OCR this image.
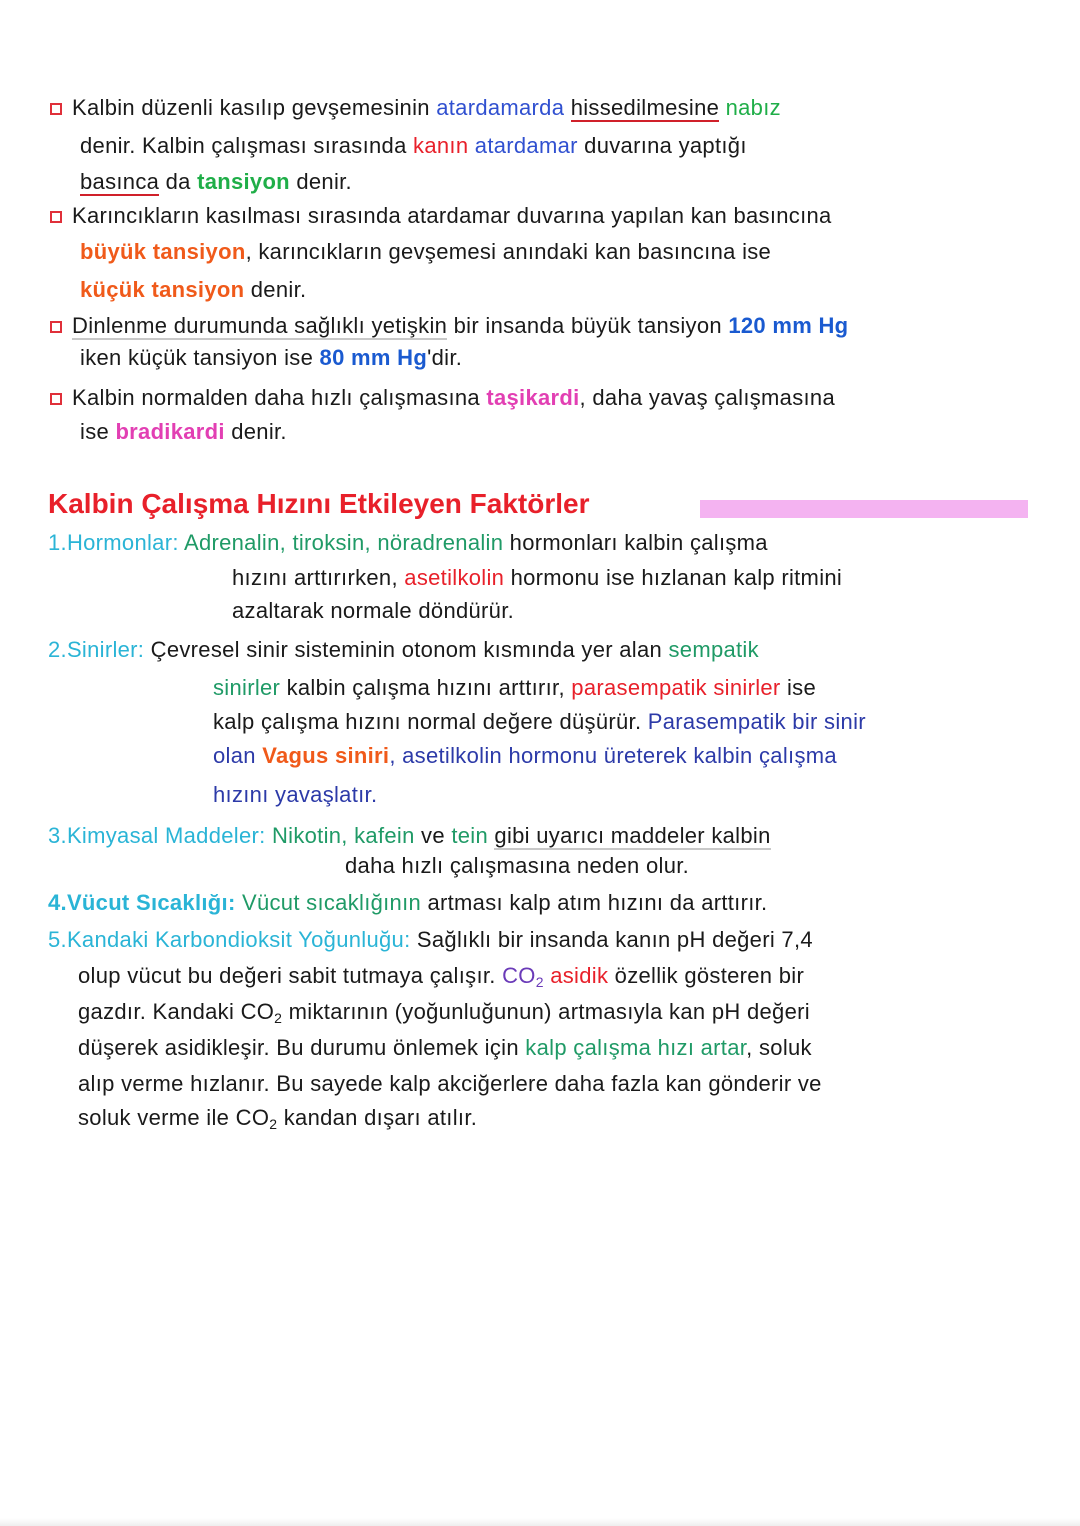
Kalbin düzenli kasılıp gevşemesinin atardamarda hissedilmesine nabız
denir. Kalbin çalışması sırasında kanın atardamar duvarına yaptığı
basınca da tansiyon denir.
Karıncıkların kasılması sırasında atardamar duvarına yapılan kan basıncına
büyük tansiyon, karıncıkların gevşemesi anındaki kan basıncına ise
küçük tansiyon denir.
Dinlenme durumunda sağlıklı yetişkin bir insanda büyük tansiyon 120 mm Hg
iken küçük tansiyon ise 80 mm Hg'dir.
Kalbin normalden daha hızlı çalışmasına taşikardi, daha yavaş çalışmasına
ise bradikardi denir.
Kalbin Çalışma Hızını Etkileyen Faktörler
1.Hormonlar: Adrenalin, tiroksin, nöradrenalin hormonları kalbin çalışma
hızını arttırırken, asetilkolin hormonu ise hızlanan kalp ritmini
azaltarak normale döndürür.
2.Sinirler: Çevresel sinir sisteminin otonom kısmında yer alan sempatik
sinirler kalbin çalışma hızını arttırır, parasempatik sinirler ise
kalp çalışma hızını normal değere düşürür. Parasempatik bir sinir
olan Vagus siniri, asetilkolin hormonu üreterek kalbin çalışma
hızını yavaşlatır.
3.Kimyasal Maddeler: Nikotin, kafein ve tein gibi uyarıcı maddeler kalbin
daha hızlı çalışmasına neden olur.
4.Vücut Sıcaklığı: Vücut sıcaklığının artması kalp atım hızını da arttırır.
5.Kandaki Karbondioksit Yoğunluğu: Sağlıklı bir insanda kanın pH değeri 7,4
olup vücut bu değeri sabit tutmaya çalışır. $CO_2$ asidik özellik gösteren bir
gazdır. Kandaki $CO_2$ miktarının (yoğunluğunun) artmasıyla kan pH değeri
düşerek asidikleşir. Bu durumu önlemek için kalp çalışma hızı artar, soluk
alıp verme hızlanır. Bu sayede kalp akciğerlere daha fazla kan gönderir ve
soluk verme ile $CO_2$ kandan dışarı atılır.
